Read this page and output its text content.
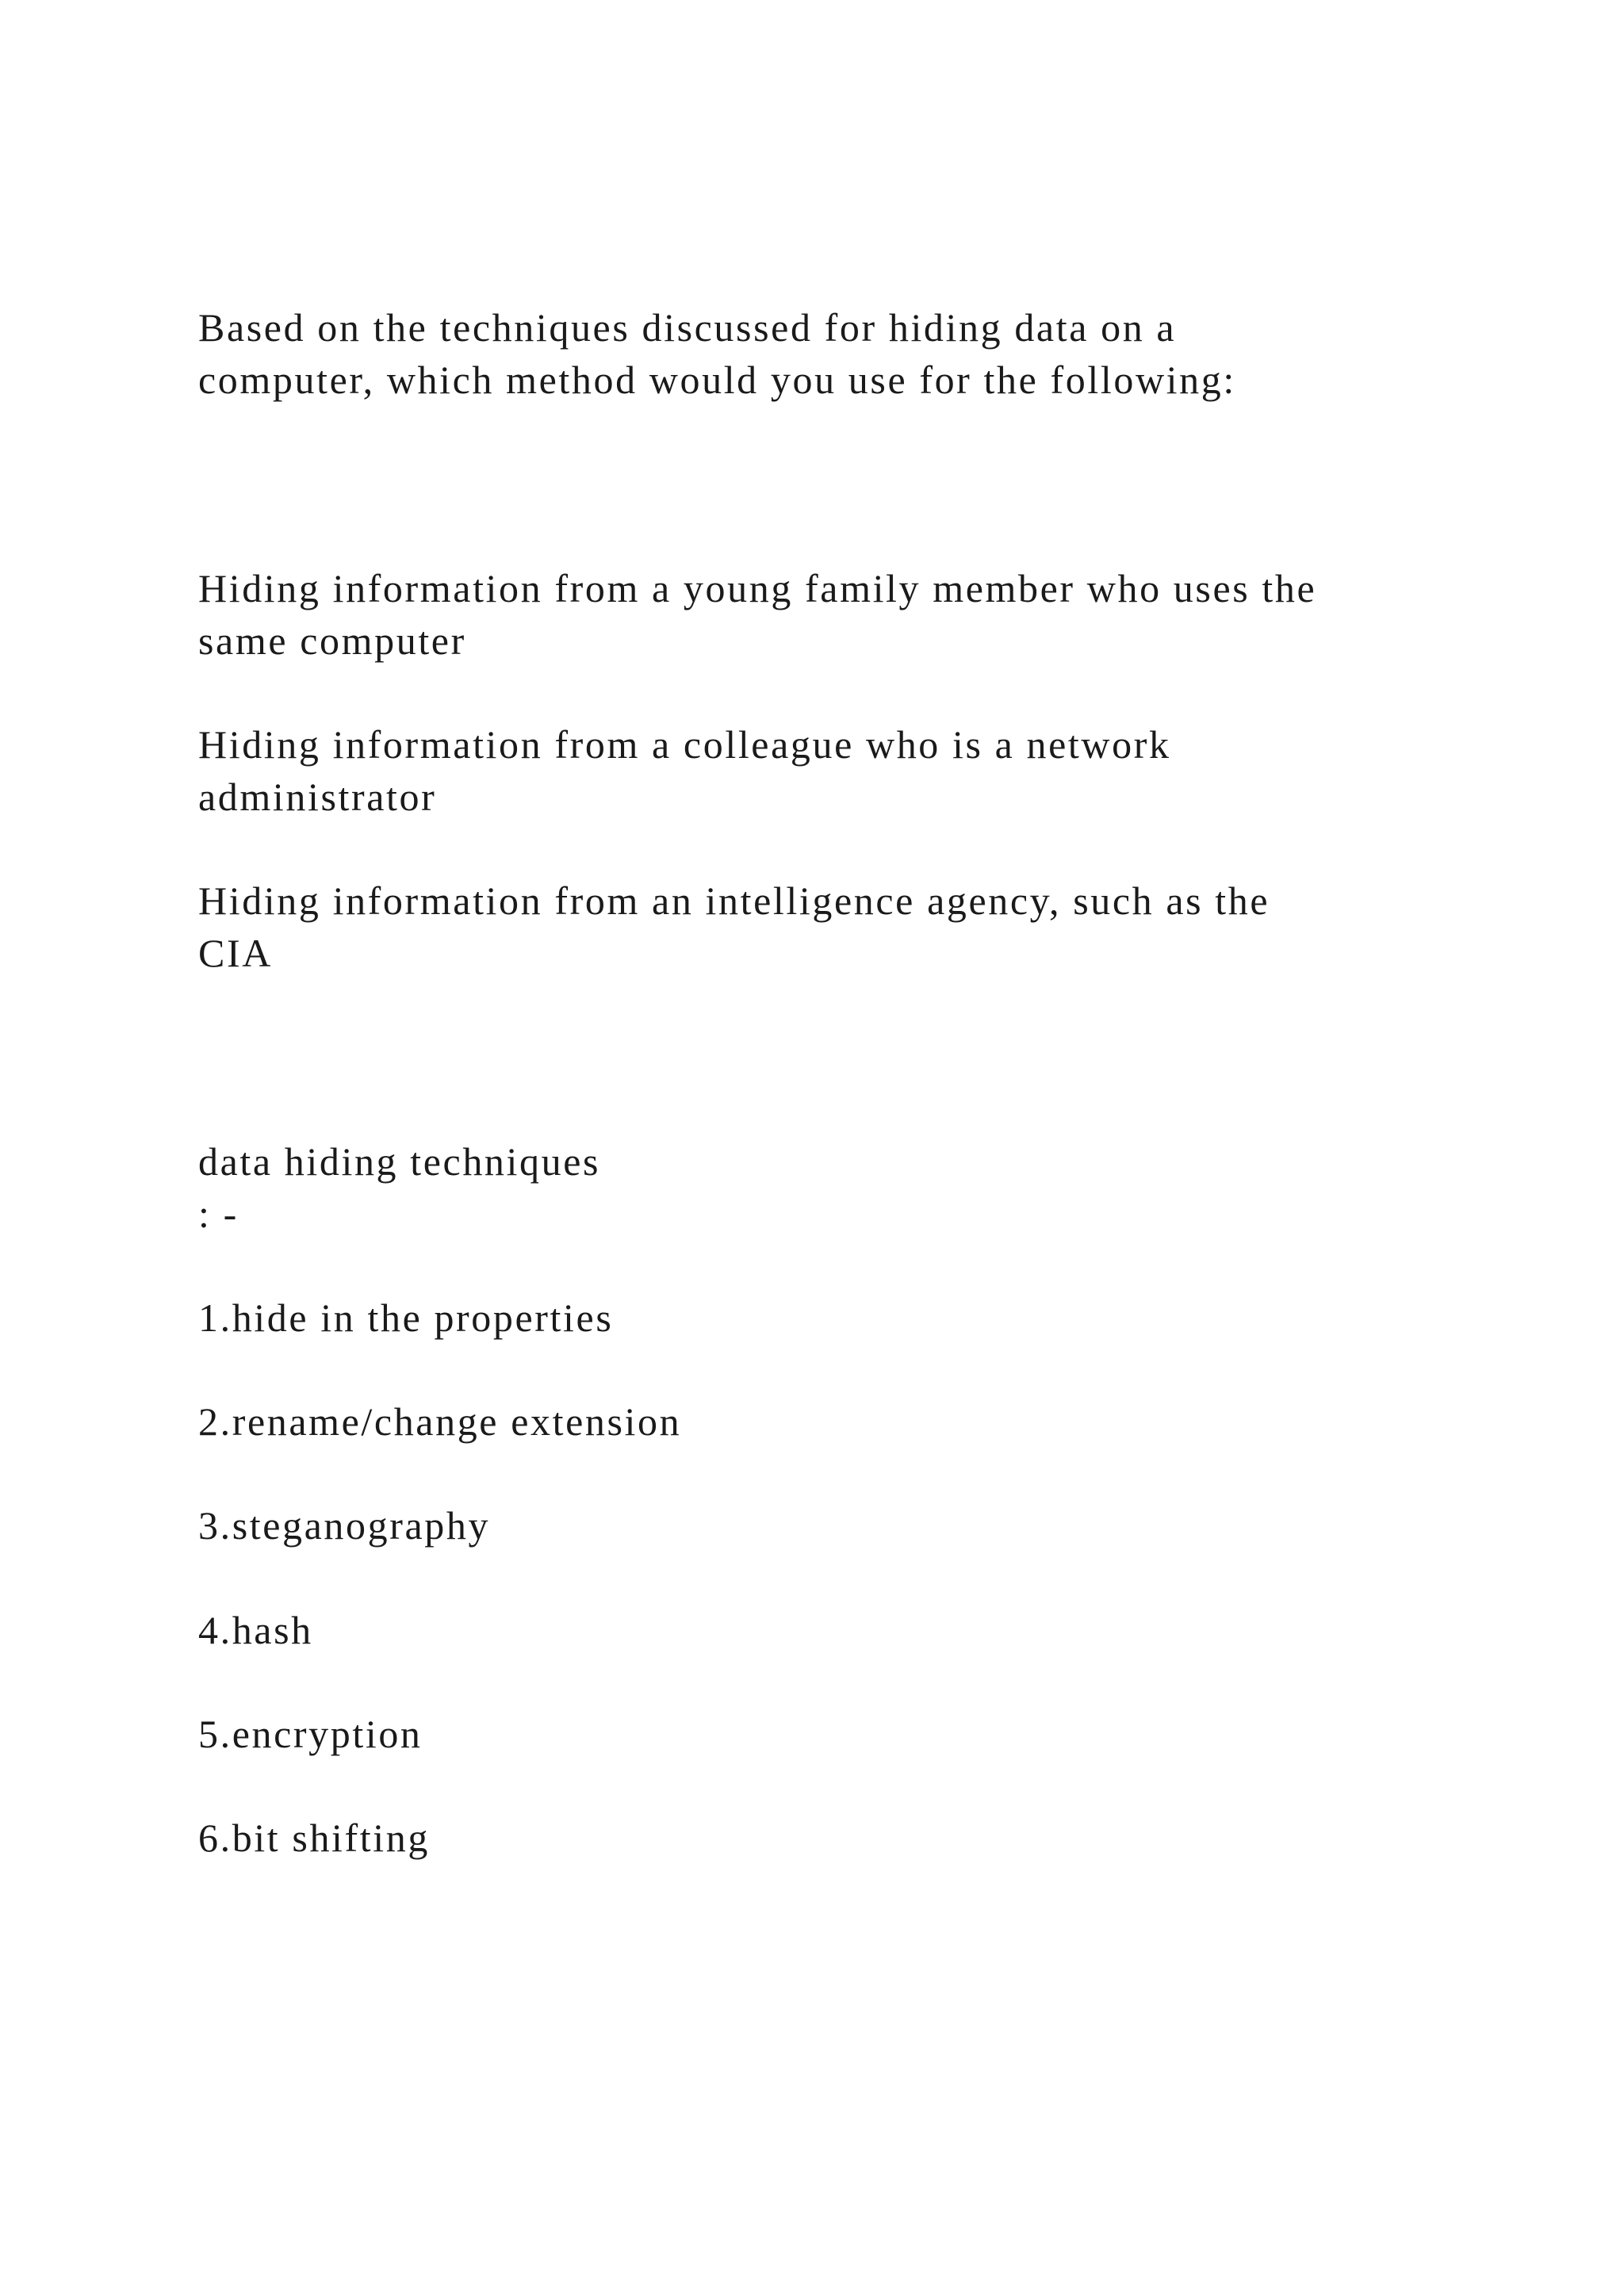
Based on the techniques discussed for hiding data on a

computer, which method would you use for the following:

Hiding information from a young family member who uses the

same computer

Hiding information from a colleague who is a network

administrator

Hiding information from an intelligence agency, such as the

CIA

data hiding techniques

: -

1.hide in the properties

2.rename/change extension

3.steganography

4.hash

5.encryption

6.bit shifting
